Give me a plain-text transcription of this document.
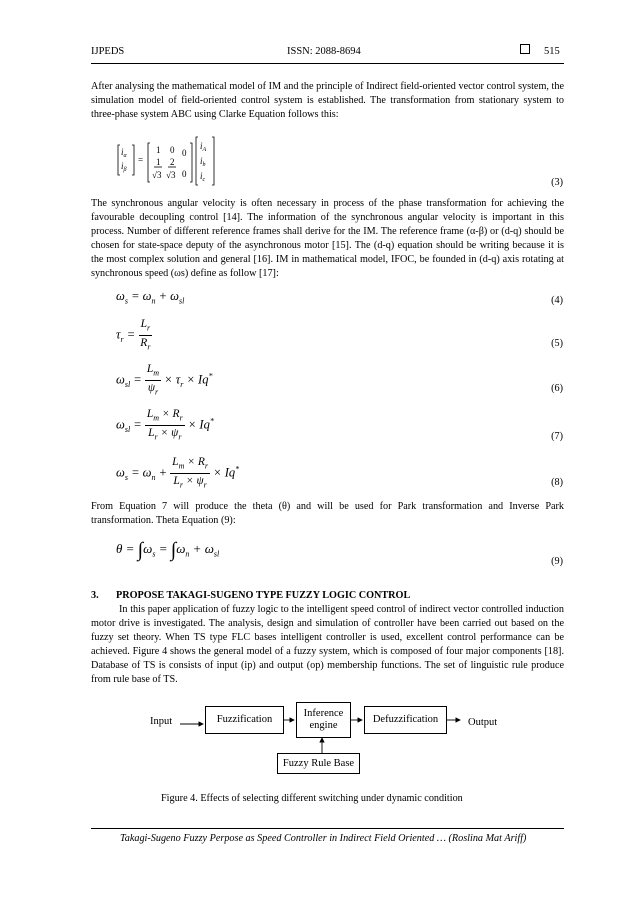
IJPEDS	ISSN: 2088-8694	515
After analysing the mathematical model of IM and the principle of Indirect field-oriented vector control system, the simulation model of field-oriented control system is established. The transformation from stationary system to three-phase system ABC using Clarke Equation follows this:
$i_\alpha$
$i_\beta$
=
1 0 0
1 2
√3 √3 0
$i_A$
$i_b$
$i_c$	(3)
The synchronous angular velocity is often necessary in process of the phase transformation for achieving the favourable decoupling control [14]. The information of the synchronous angular velocity is important in this process. Number of different reference frames shall derive for the IM. The reference frame (α-β) or (d-q) should be chosen for state-space deputy of the asynchronous motor [15]. The (d-q) equation should be writing because it is the most complex solution and general [16]. IM in mathematical model, IFOC, be founded in (d-q) axis rotating at synchronous speed (ωs) define as follow [17]:
$\omega_s = \omega_n + \omega_{sl}$	(4)
$\tau_r = \frac{L_r}{R_r}$	(5)
$\omega_{sl} = \frac{L_m}{\psi_r} \times \tau_r \times Iq^*$
(6)
$\omega_{sl} = \frac{L_m \times R_r}{L_r \times \psi_r} \times Iq^*$
(7)
$\omega_s = \omega_n + \frac{L_m \times R_r}{L_r \times \psi_r} \times Iq^*$
(8)
From Equation 7 will produce the theta (θ) and will be used for Park transformation and Inverse Park transformation. Theta Equation (9):
$\theta = \int\omega_s = \int\omega_n + \omega_{sl}$
(9)
3. PROPOSE TAKAGI-SUGENO TYPE FUZZY LOGIC CONTROL
In this paper application of fuzzy logic to the intelligent speed control of indirect vector controlled induction motor drive is investigated. The analysis, design and simulation of controller have been carried out based on the fuzzy set theory. When TS type FLC bases intelligent controller is used, excellent control performance can be achieved. Figure 4 shows the general model of a fuzzy system, which is composed of four major components [18]. Database of TS is consists of input (ip) and output (op) membership functions. The set of linguistic rule produce from rule base of TS.
Input	Fuzzification
Inference
engine
Defuzzification	Output
Fuzzy Rule Base
Figure 4. Effects of selecting different switching under dynamic condition
Takagi-Sugeno Fuzzy Perpose as Speed Controller in Indirect Field Oriented … (Roslina Mat Ariff)
